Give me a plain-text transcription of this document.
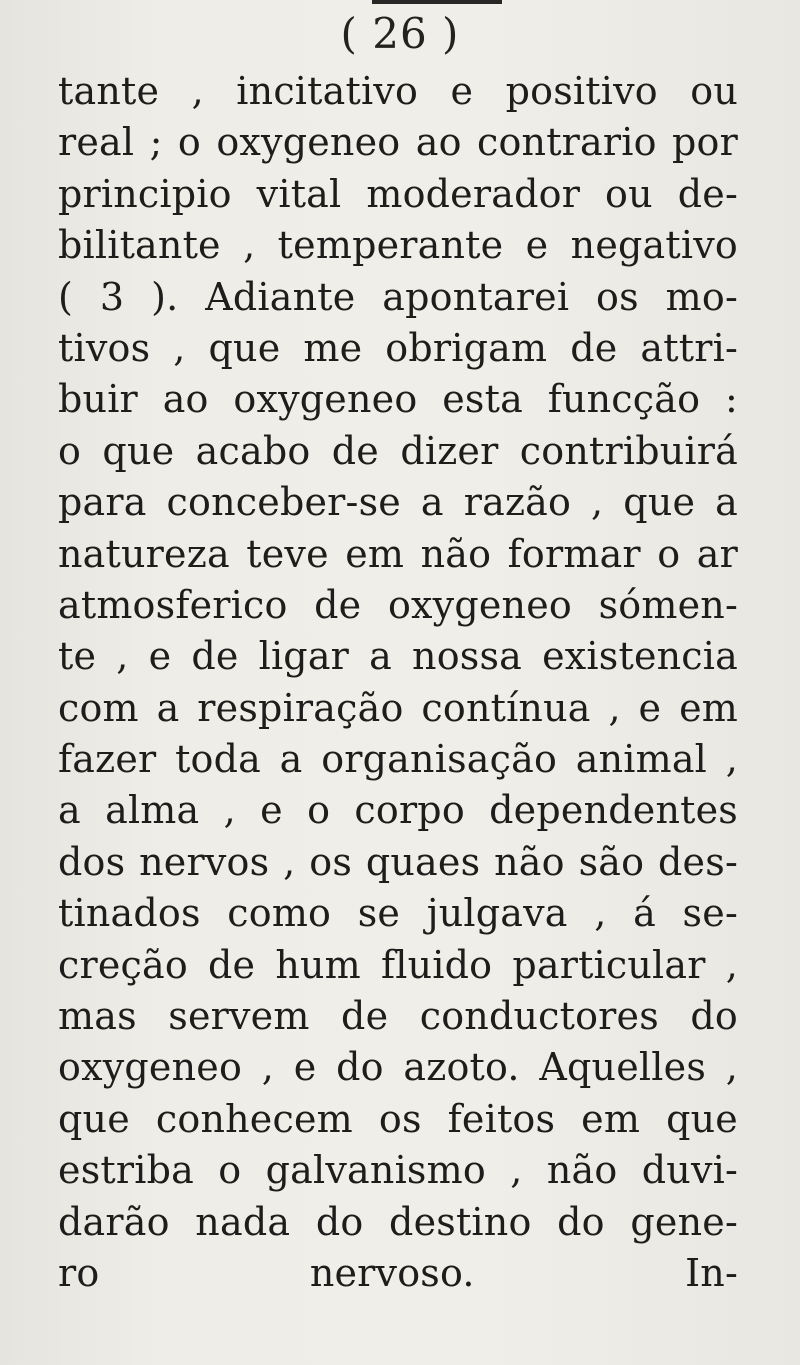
( 26 )
tante , incitativo e positivo ou
real ; o oxygeneo ao contrario por
principio vital moderador ou de-
bilitante , temperante e negativo
( 3 ). Adiante apontarei os mo-
tivos , que me obrigam de attri-
buir ao oxygeneo esta funcção :
o que acabo de dizer contribuirá
para conceber-se a razão , que a
natureza teve em não formar o ar
atmosferico de oxygeneo sómen-
te , e de ligar a nossa existencia
com a respiração contínua , e em
fazer toda a organisação animal ,
a alma , e o corpo dependentes
dos nervos , os quaes não são des-
tinados como se julgava , á se-
creção de hum fluido particular ,
mas servem de conductores do
oxygeneo , e do azoto. Aquelles ,
que conhecem os feitos em que
estriba o galvanismo , não duvi-
darão nada do destino do gene-
ro nervoso. In-
